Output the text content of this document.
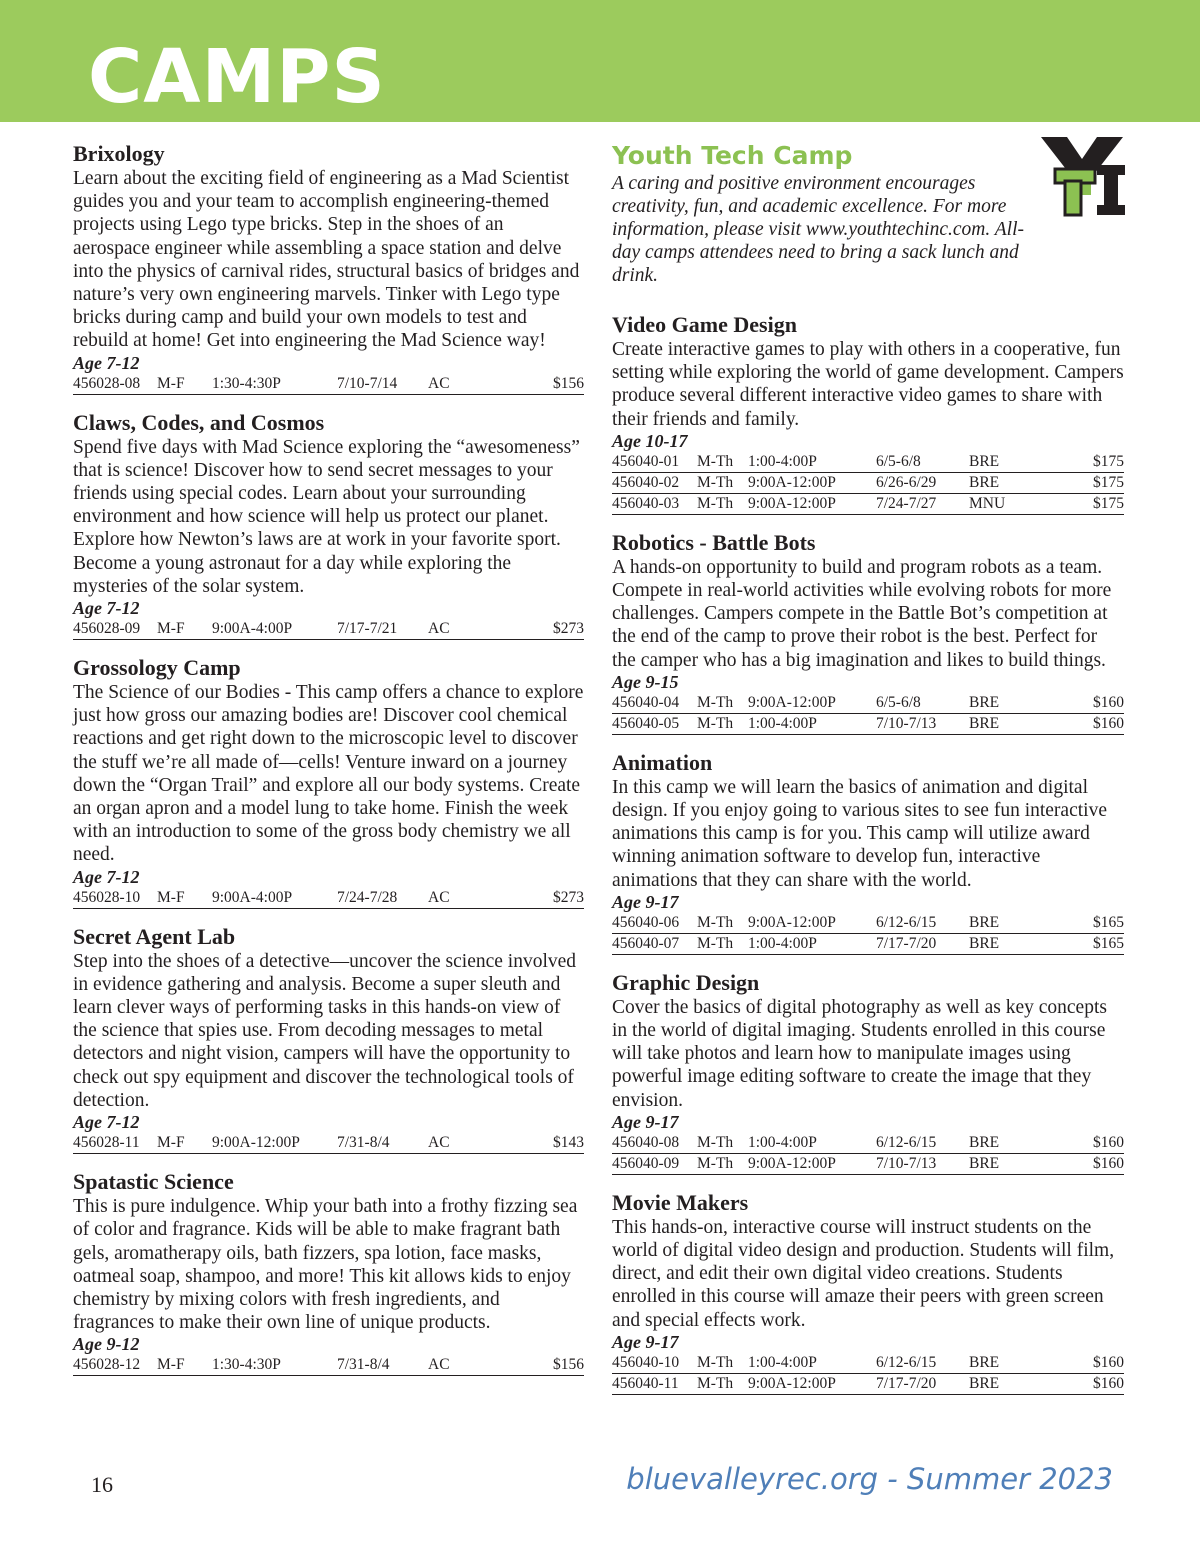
CAMPS
Brixology

Learn about the exciting field of engineering as a Mad Scientist guides you and your team to accomplish engineering-themed projects using Lego type bricks. Step in the shoes of an aerospace engineer while assembling a space station and delve into the physics of carnival rides, structural basics of bridges and nature’s very own engineering marvels. Tinker with Lego type bricks during camp and build your own models to test and rebuild at home! Get into engineering the Mad Science way!

Age 7-12
456028-08	M-F	1:30-4:30P	7/10-7/14	AC	$156
Claws, Codes, and Cosmos

Spend five days with Mad Science exploring the “awesomeness” that is science! Discover how to send secret messages to your friends using special codes. Learn about your surrounding environment and how science will help us protect our planet. Explore how Newton’s laws are at work in your favorite sport. Become a young astronaut for a day while exploring the mysteries of the solar system.

Age 7-12
456028-09	M-F	9:00A-4:00P	7/17-7/21	AC	$273
Grossology Camp

The Science of our Bodies - This camp offers a chance to explore just how gross our amazing bodies are! Discover cool chemical reactions and get right down to the microscopic level to discover the stuff we’re all made of—cells! Venture inward on a journey down the “Organ Trail” and explore all our body systems. Create an organ apron and a model lung to take home. Finish the week with an introduction to some of the gross body chemistry we all need.

Age 7-12
456028-10	M-F	9:00A-4:00P	7/24-7/28	AC	$273
Secret Agent Lab

Step into the shoes of a detective—uncover the science involved in evidence gathering and analysis. Become a super sleuth and learn clever ways of performing tasks in this hands-on view of the science that spies use. From decoding messages to metal detectors and night vision, campers will have the opportunity to check out spy equipment and discover the technological tools of detection.

Age 7-12
456028-11	M-F	9:00A-12:00P	7/31-8/4	AC	$143
Spatastic Science

This is pure indulgence. Whip your bath into a frothy fizzing sea of color and fragrance. Kids will be able to make fragrant bath gels, aromatherapy oils, bath fizzers, spa lotion, face masks, oatmeal soap, shampoo, and more! This kit allows kids to enjoy chemistry by mixing colors with fresh ingredients, and fragrances to make their own line of unique products.

Age 9-12
456028-12	M-F	1:30-4:30P	7/31-8/4	AC	$156
Youth Tech Camp

A caring and positive environment encourages creativity, fun, and academic excellence. For more information, please visit www.youthtechinc.com. All-day camps attendees need to bring a sack lunch and drink.

Video Game Design

Create interactive games to play with others in a cooperative, fun setting while exploring the world of game development. Campers produce several different interactive video games to share with their friends and family.

Age 10-17
456040-01	M-Th 1:00-4:00P	6/5-6/8	BRE	$175
456040-02	M-Th 9:00A-12:00P	6/26-6/29	BRE	$175
456040-03	M-Th 9:00A-12:00P	7/24-7/27	MNU	$175
Robotics - Battle Bots

A hands-on opportunity to build and program robots as a team. Compete in real-world activities while evolving robots for more challenges. Campers compete in the Battle Bot’s competition at the end of the camp to prove their robot is the best. Perfect for the camper who has a big imagination and likes to build things.

Age 9-15
456040-04	M-Th 9:00A-12:00P	6/5-6/8	BRE	$160
456040-05	M-Th 1:00-4:00P	7/10-7/13	BRE	$160
Animation

In this camp we will learn the basics of animation and digital design. If you enjoy going to various sites to see fun interactive animations this camp is for you. This camp will utilize award winning animation software to develop fun, interactive animations that they can share with the world.

Age 9-17
456040-06	M-Th 9:00A-12:00P	6/12-6/15	BRE	$165
456040-07	M-Th 1:00-4:00P	7/17-7/20	BRE	$165
Graphic Design

Cover the basics of digital photography as well as key concepts in the world of digital imaging. Students enrolled in this course will take photos and learn how to manipulate images using powerful image editing software to create the image that they envision.

Age 9-17
456040-08	M-Th 1:00-4:00P	6/12-6/15	BRE	$160
456040-09	M-Th 9:00A-12:00P	7/10-7/13	BRE	$160
Movie Makers

This hands-on, interactive course will instruct students on the world of digital video design and production. Students will film, direct, and edit their own digital video creations. Students enrolled in this course will amaze their peers with green screen and special effects work.

Age 9-17
456040-10	M-Th 1:00-4:00P	6/12-6/15	BRE	$160
456040-11	M-Th 9:00A-12:00P	7/17-7/20	BRE	$160
16	bluevalleyrec.org - Summer 2023
